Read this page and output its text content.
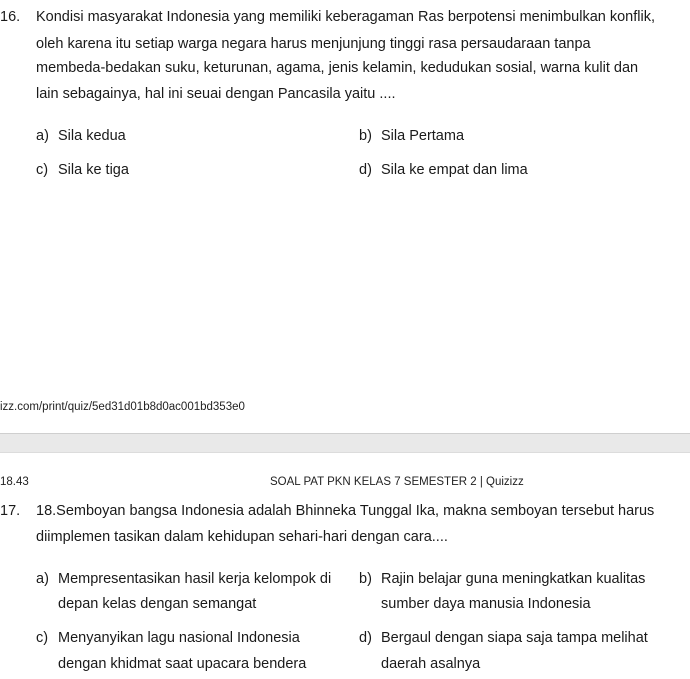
16. Kondisi masyarakat Indonesia yang memiliki keberagaman Ras berpotensi menimbulkan konflik,
oleh karena itu setiap warga negara harus menjunjung tinggi rasa persaudaraan tanpa
membeda-bedakan suku, keturunan, agama, jenis kelamin, kedudukan sosial, warna kulit dan
lain sebagainya, hal ini seuai dengan Pancasila yaitu ....
a) Sila kedua	b) Sila Pertama
c) Sila ke tiga	d) Sila ke empat dan lima
izz.com/print/quiz/5ed31d01b8d0ac001bd353e0
18.43	SOAL PAT PKN KELAS 7 SEMESTER 2 | Quizizz
17. 18.Semboyan bangsa Indonesia adalah Bhinneka Tunggal Ika, makna semboyan tersebut harus
diimplemen tasikan dalam kehidupan sehari-hari dengan cara....
a) Mempresentasikan hasil kerja kelompok di
depan kelas dengan semangat
b) Rajin belajar guna meningkatkan kualitas
sumber daya manusia Indonesia
c) Menyanyikan lagu nasional Indonesia
dengan khidmat saat upacara bendera
d) Bergaul dengan siapa saja tampa melihat
daerah asalnya
